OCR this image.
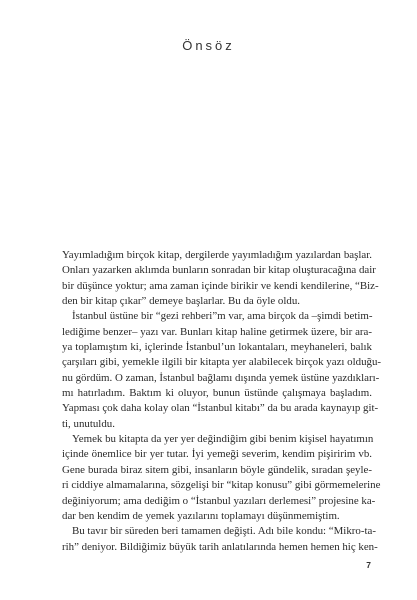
Önsöz
Yayımladığım birçok kitap, dergilerde yayımladığım yazılardan başlar.
Onları yazarken aklımda bunların sonradan bir kitap oluşturacağına dair
bir düşünce yoktur; ama zaman içinde birikir ve kendi kendilerine, “Biz-
den bir kitap çıkar” demeye başlarlar. Bu da öyle oldu.
İstanbul üstüne bir “gezi rehberi”m var, ama birçok da –şimdi betim-
lediğime benzer– yazı var. Bunları kitap haline getirmek üzere, bir ara-
ya toplamıştım ki, içlerinde İstanbul’un lokantaları, meyhaneleri, balık
çarşıları gibi, yemekle ilgili bir kitapta yer alabilecek birçok yazı olduğu-
nu gördüm. O zaman, İstanbul bağlamı dışında yemek üstüne yazdıkları-
mı hatırladım. Baktım ki oluyor, bunun üstünde çalışmaya başladım.
Yapması çok daha kolay olan “İstanbul kitabı” da bu arada kaynayıp git-
ti, unutuldu.
Yemek bu kitapta da yer yer değindiğim gibi benim kişisel hayatımın
içinde önemlice bir yer tutar. İyi yemeği severim, kendim pişiririm vb.
Gene burada biraz sitem gibi, insanların böyle gündelik, sıradan şeyle-
ri ciddiye almamalarına, sözgelişi bir “kitap konusu” gibi görmemelerine
değiniyorum; ama dediğim o “İstanbul yazıları derlemesi” projesine ka-
dar ben kendim de yemek yazılarını toplamayı düşünmemiştim.
Bu tavır bir süreden beri tamamen değişti. Adı bile kondu: “Mikro-ta-
rih” deniyor. Bildiğimiz büyük tarih anlatılarında hemen hemen hiç ken-
7
